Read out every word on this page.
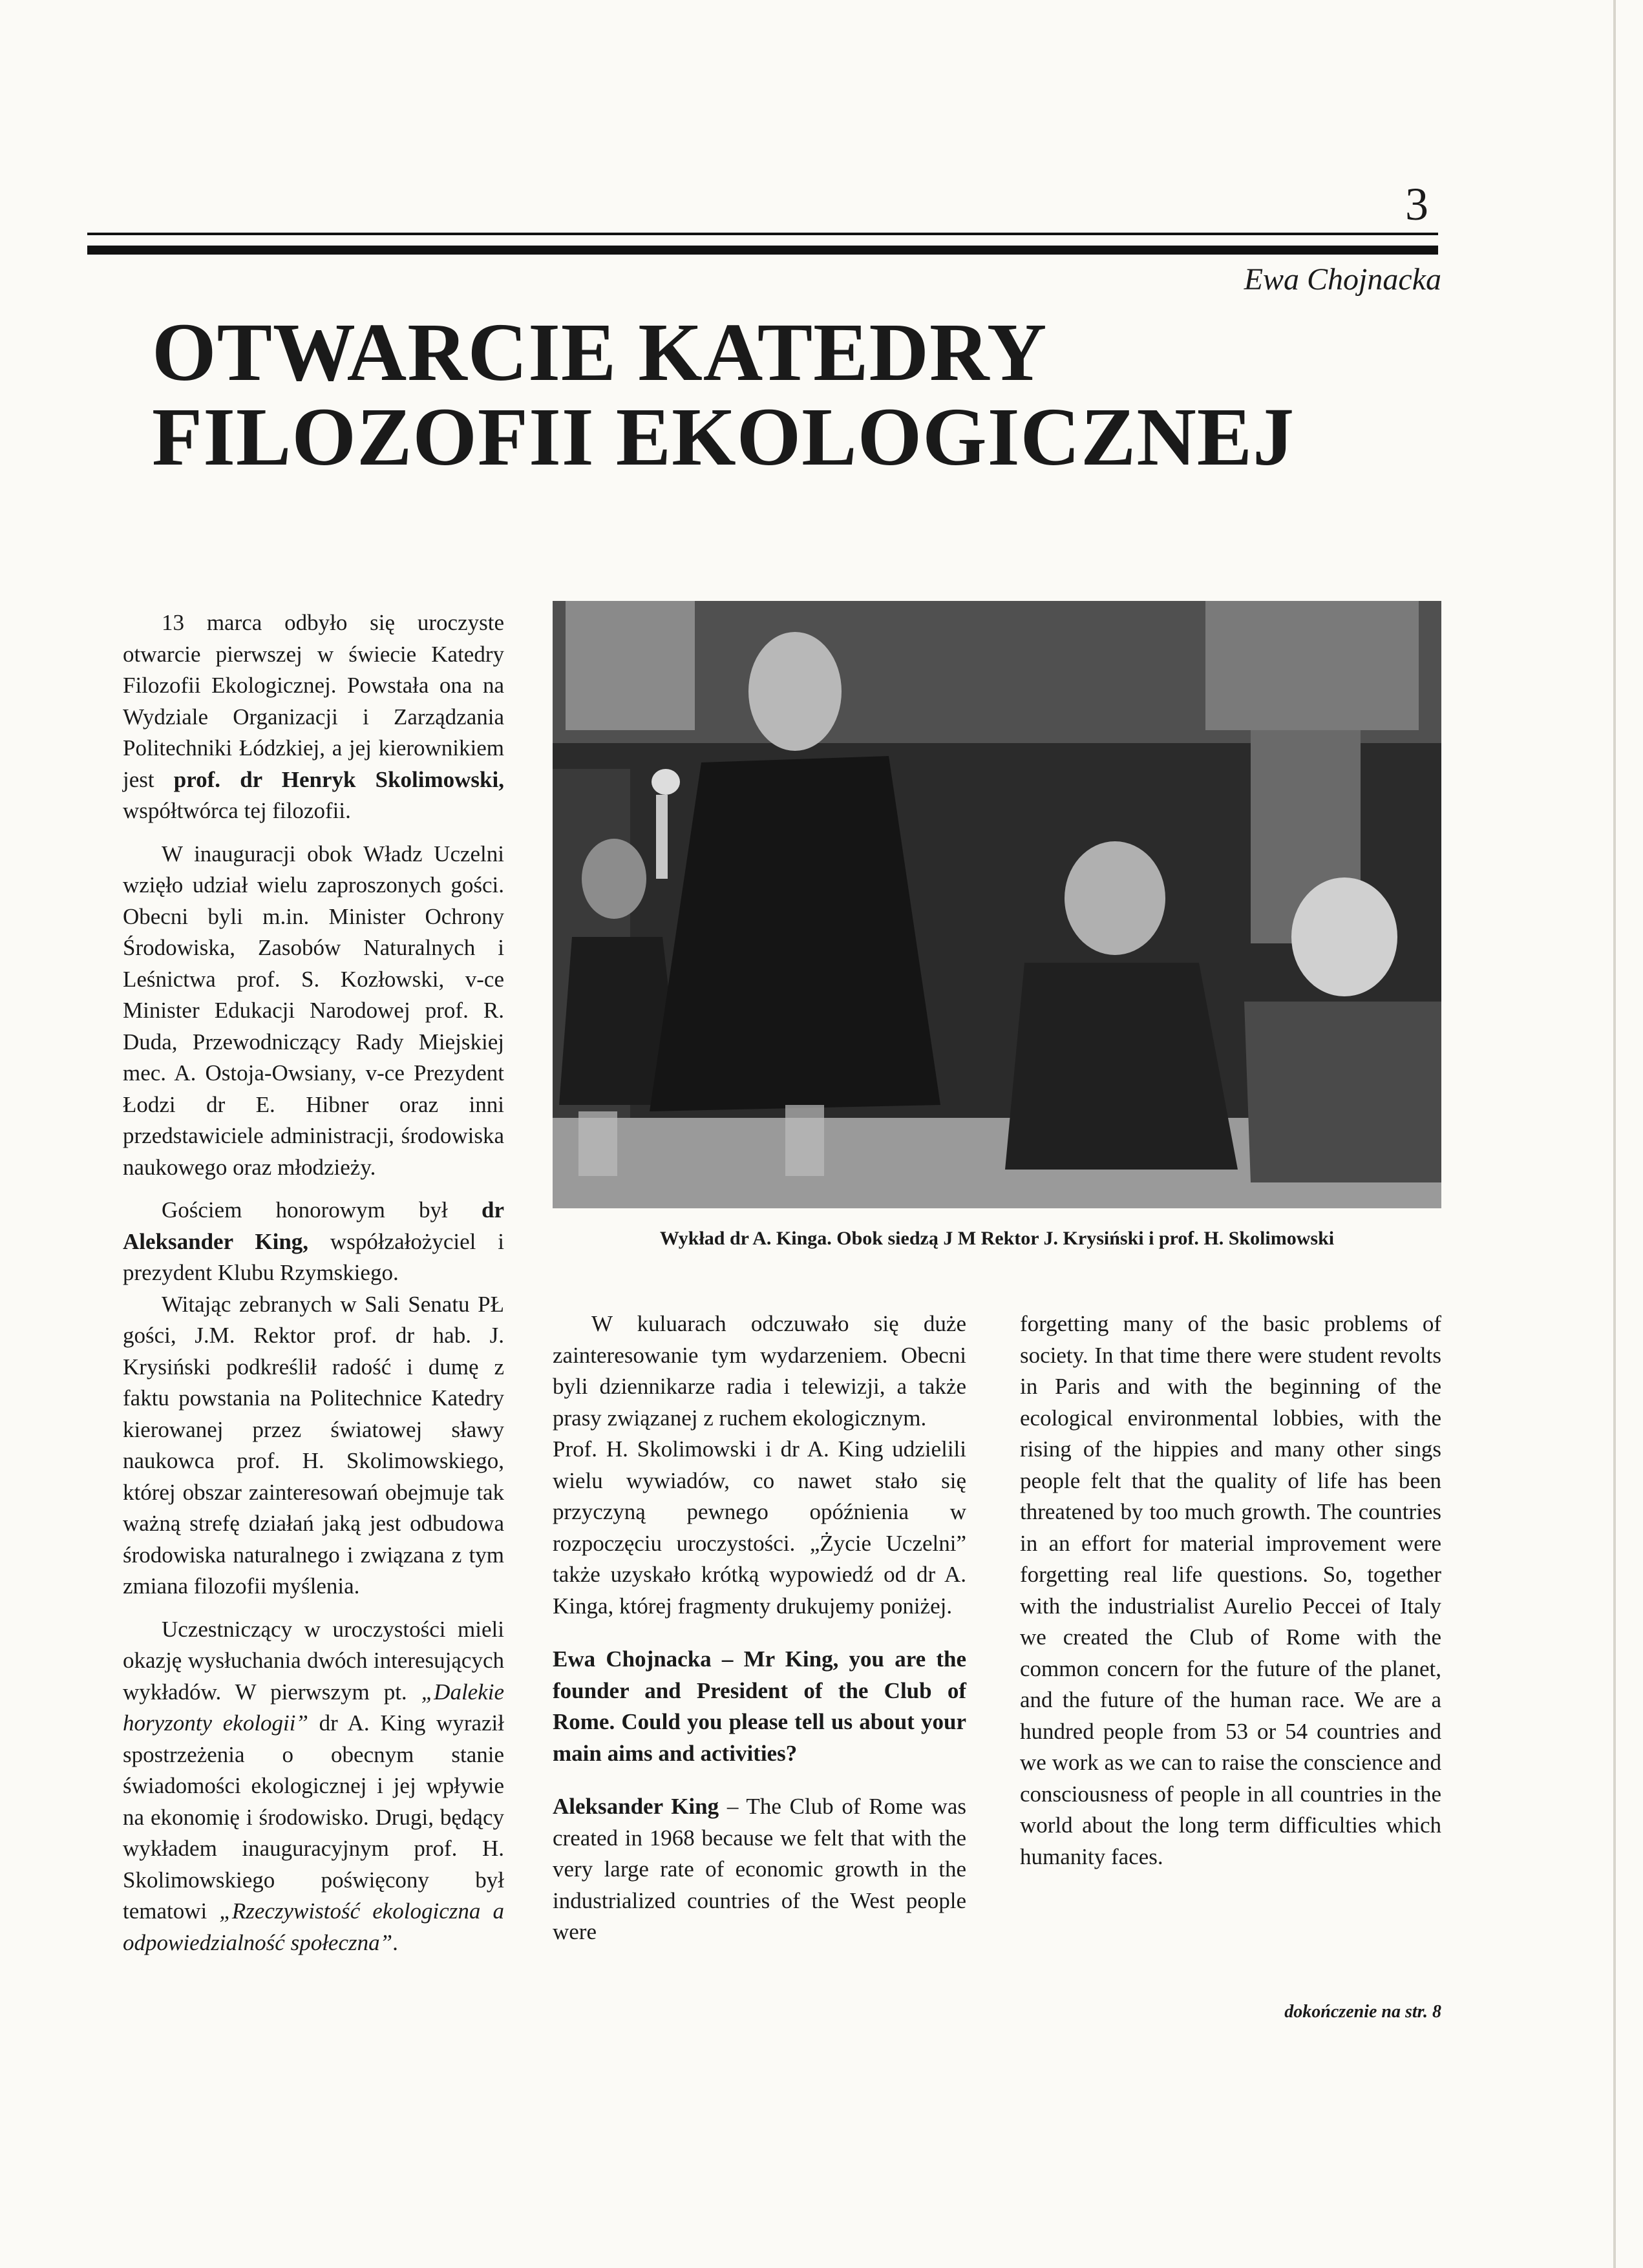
3
Ewa Chojnacka
OTWARCIE KATEDRY
FILOZOFII EKOLOGICZNEJ

13 marca odbyło się uroczyste otwarcie pierwszej w świecie Katedry Filozofii Ekologicznej. Powstała ona na Wydziale Organizacji i Zarządzania Politechniki Łódzkiej, a jej kierownikiem jest prof. dr Henryk Skolimowski, współtwórca tej filozofii.

W inauguracji obok Władz Uczelni wzięło udział wielu zaproszonych gości. Obecni byli m.in. Minister Ochrony Środowiska, Zasobów Naturalnych i Leśnictwa prof. S. Kozłowski, v-ce Minister Edukacji Narodowej prof. R. Duda, Przewodniczący Rady Miejskiej mec. A. Ostoja-Owsiany, v-ce Prezydent Łodzi dr E. Hibner oraz inni przedstawiciele administracji, środowiska naukowego oraz młodzieży.

Gościem honorowym był dr Aleksander King, współzałożyciel i prezydent Klubu Rzymskiego.

Witając zebranych w Sali Senatu PŁ gości, J.M. Rektor prof. dr hab. J. Krysiński podkreślił radość i dumę z faktu powstania na Politechnice Katedry kierowanej przez światowej sławy naukowca prof. H. Skolimowskiego, której obszar zainteresowań obejmuje tak ważną strefę działań jaką jest odbudowa środowiska naturalnego i związana z tym zmiana filozofii myślenia.

Uczestniczący w uroczystości mieli okazję wysłuchania dwóch interesujących wykładów. W pierwszym pt. „Dalekie horyzonty ekologii” dr A. King wyraził spostrzeżenia o obecnym stanie świadomości ekologicznej i jej wpływie na ekonomię i środowisko. Drugi, będący wykładem inauguracyjnym prof. H. Skolimowskiego poświęcony był tematowi „Rzeczywistość ekologiczna a odpowiedzialność społeczna”.

Wykład dr A. Kinga. Obok siedzą J M Rektor J. Krysiński i prof. H. Skolimowski

W kuluarach odczuwało się duże zainteresowanie tym wydarzeniem. Obecni byli dziennikarze radia i telewizji, a także prasy związanej z ruchem ekologicznym.

Prof. H. Skolimowski i dr A. King udzielili wielu wywiadów, co nawet stało się przyczyną pewnego opóźnienia w rozpoczęciu uroczystości. „Życie Uczelni” także uzyskało krótką wypowiedź od dr A. Kinga, której fragmenty drukujemy poniżej.

Ewa Chojnacka – Mr King, you are the founder and President of the Club of Rome. Could you please tell us about your main aims and activities?

Aleksander King – The Club of Rome was created in 1968 because we felt that with the very large rate of economic growth in the industrialized countries of the West people were

forgetting many of the basic problems of society. In that time there were student revolts in Paris and with the beginning of the ecological environmental lobbies, with the rising of the hippies and many other sings people felt that the quality of life has been threatened by too much growth. The countries in an effort for material improvement were forgetting real life questions. So, together with the industrialist Aurelio Peccei of Italy we created the Club of Rome with the common concern for the future of the planet, and the future of the human race. We are a hundred people from 53 or 54 countries and we work as we can to raise the conscience and consciousness of people in all countries in the world about the long term difficulties which humanity faces.

dokończenie na str. 8
